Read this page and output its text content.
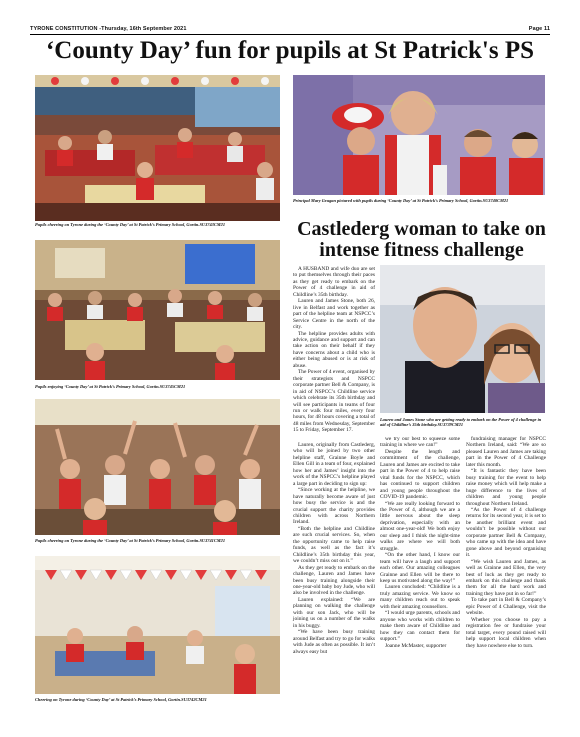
TYRONE CONSTITUTION -Thursday, 16th September 2021	Page 11
‘County Day’ fun for pupils at St Patrick's PS
Pupils cheering on Tyrone during the ‘County Day’ at St Patrick’s Primary School, Gortin.SU3743CM21
Principal Mary Grugan pictured with pupils during ‘County Day’ at St Patrick’s Primary School, Gortin.SU3740CM21
Pupils enjoying ‘County Day’ at St Patrick’s Primary School, Gortin.SU3745CM21
Pupils cheering on Tyrone during the ‘County Day’ at St Patrick’s Primary School, Gortin.SU3741CM21
Cheering on Tyrone during ‘County Day’ at St Patrick’s Primary School, Gortin.SU3742CM21
Castlederg woman to take on intense fitness challenge
Lauren and James Stone who are getting ready to embark on the Power of 4 challenge in aid of Childline’s 35th birthday.SU3739CM21

A HUSBAND and wife duo are set to put themselves through their paces as they get ready to embark on the Power of 4 challenge in aid of Childline’s 35th birthday.

Lauren and James Stone, both 26, live in Belfast and work together as part of the helpline team at NSPCC’s Service Centre in the north of the city.

The helpline provides adults with advice, guidance and support and can take action on their behalf if they have concerns about a child who is either being abused or is at risk of abuse.

The Power of 4 event, organised by their strategists and NSPCC corporate partner Bell & Company, is in aid of NSPCC’s Childline service which celebrate its 35th birthday and will see participants in teams of four run or walk four miles, every four hours, for 48 hours covering a total of 48 miles from Wednesday, September 15 to Friday, September 17.

Lauren, originally from Castlederg, who will be joined by two other helpline staff, Grainne Boyle and Ellen Gill in a team of four, explained how her and James’ insight into the work of the NSPCC’s helpline played a large part in deciding to sign up:

“Since working at the helpline, we have naturally become aware of just how busy the service is and the crucial support the charity provides children with across Northern Ireland.

“Both the helpline and Childline are such crucial services. So, when the opportunity came to help raise funds, as well as the fact it’s Childline’s 35th birthday this year, we couldn’t miss out on it.”

As they get ready to embark on the challenge, Lauren and James have been busy training alongside their one-year-old baby boy Jude, who will also be involved in the challenge.

Lauren explained: “We are planning on walking the challenge with our son Jack, who will be joining us on a number of the walks in his buggy.

“We have been busy training around Belfast and try to go for walks with Jude as often as possible. It isn’t always easy but

we try our best to squeeze some training in where we can!”

Despite the length and commitment of the challenge, Lauren and James are excited to take part in the Power of 4 to help raise vital funds for the NSPCC, which has continued to support children and young people throughout the COVID-19 pandemic.

“We are really looking forward to the Power of 4, although we are a little nervous about the sleep deprivation, especially with an almost one-year-old! We both enjoy our sleep and I think the night-time walks are where we will both struggle.

“On the other hand, I know our team will have a laugh and support each other. Our amazing colleagues Grainne and Ellen will be there to keep us motivated along the way!”

Lauren concluded: “Childline is a truly amazing service. We know so many children reach out to speak with their amazing counsellors.

“I would urge parents, schools and anyone who works with children to make them aware of Childline and how they can contact them for support.”

Joanne McMaster, supporter

fundraising manager for NSPCC Northern Ireland, said: “We are so pleased Lauren and James are taking part in the Power of 4 Challenge later this month.

“It is fantastic they have been busy training for the event to help raise money which will help make a huge difference to the lives of children and young people throughout Northern Ireland.

“As the Power of 4 challenge returns for its second year, it is set to be another brilliant event and wouldn’t be possible without our corporate partner Bell & Company, who came up with the idea and have gone above and beyond organising it.

“We wish Lauren and James, as well as Grainne and Ellen, the very best of luck as they get ready to embark on this challenge and thank them for all the hard work and training they have put in so far!”

To take part in Bell & Company’s epic Power of 4 Challenge, visit the website.

Whether you choose to pay a registration fee or fundraise your total target, every pound raised will help support local children when they have nowhere else to turn.
